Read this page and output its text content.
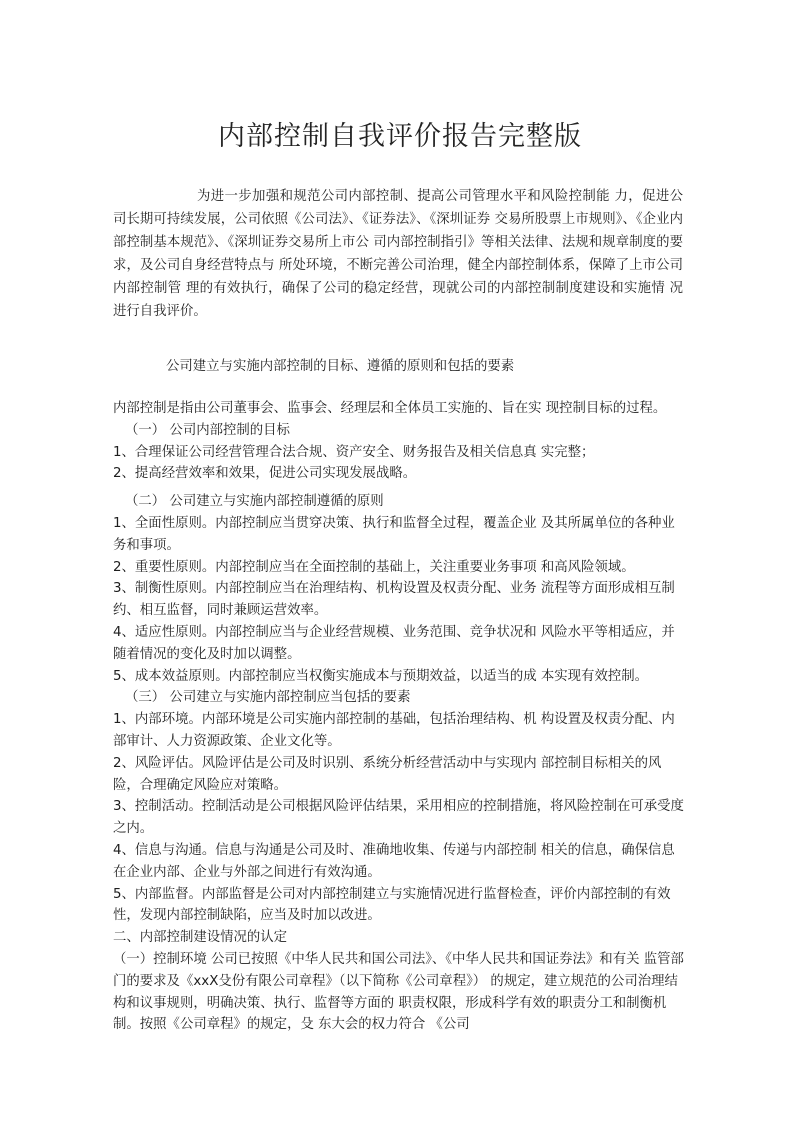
内部控制自我评价报告完整版

为进一步加强和规范公司内部控制、提高公司管理水平和风险控制能 力，促进公司长期可持续发展，公司依照《公司法》、《证券法》、《深圳证券 交易所股票上市规则》、《企业内部控制基本规范》、《深圳证券交易所上市公 司内部控制指引》等相关法律、法规和规章制度的要求，及公司自身经营特点与 所处环境，不断完善公司治理，健全内部控制体系，保障了上市公司内部控制管 理的有效执行，确保了公司的稳定经营，现就公司的内部控制制度建设和实施情 况进行自我评价。

公司建立与实施内部控制的目标、遵循的原则和包括的要素

内部控制是指由公司董事会、监事会、经理层和全体员工实施的、旨在实 现控制目标的过程。

（一） 公司内部控制的目标

1、合理保证公司经营管理合法合规、资产安全、财务报告及相关信息真 实完整；

2、提高经营效率和效果，促进公司实现发展战略。

（二） 公司建立与实施内部控制遵循的原则

1、全面性原则。内部控制应当贯穿决策、执行和监督全过程，覆盖企业 及其所属单位的各种业务和事项。

2、重要性原则。内部控制应当在全面控制的基础上，关注重要业务事项 和高风险领域。

3、制衡性原则。内部控制应当在治理结构、机构设置及权责分配、业务 流程等方面形成相互制约、相互监督，同时兼顾运营效率。

4、适应性原则。内部控制应当与企业经营规模、业务范围、竞争状况和 风险水平等相适应，并随着情况的变化及时加以调整。

5、成本效益原则。内部控制应当权衡实施成本与预期效益，以适当的成 本实现有效控制。

（三） 公司建立与实施内部控制应当包括的要素

1、内部环境。内部环境是公司实施内部控制的基础，包括治理结构、机 构设置及权责分配、内部审计、人力资源政策、企业文化等。

2、风险评估。风险评估是公司及时识别、系统分析经营活动中与实现内 部控制目标相关的风险，合理确定风险应对策略。

3、控制活动。控制活动是公司根据风险评估结果，采用相应的控制措施，将风险控制在可承受度之内。

4、信息与沟通。信息与沟通是公司及时、准确地收集、传递与内部控制 相关的信息，确保信息在企业内部、企业与外部之间进行有效沟通。

5、内部监督。内部监督是公司对内部控制建立与实施情况进行监督检查，评价内部控制的有效性，发现内部控制缺陷，应当及时加以改进。

二、内部控制建设情况的认定

（一）控制环境 公司已按照《中华人民共和国公司法》、《中华人民共和国证券法》和有关 监管部门的要求及《xxX殳份有限公司章程》（以下简称《公司章程》） 的规定，建立规范的公司治理结构和议事规则，明确决策、执行、监督等方面的 职责权限，形成科学有效的职责分工和制衡机制。按照《公司章程》的规定，殳 东大会的权力符合 《公司
